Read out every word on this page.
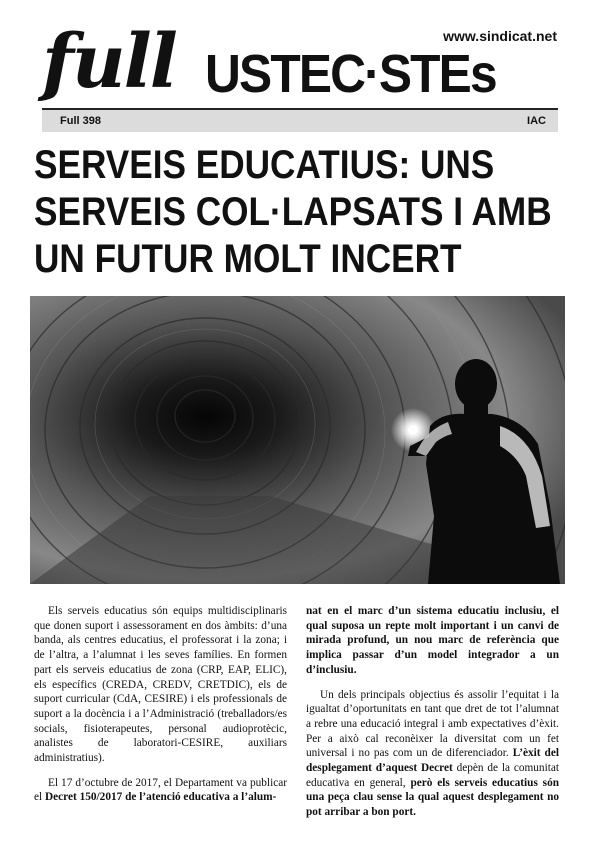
full USTEC·STEs
www.sindicat.net
Full 398	IAC
SERVEIS EDUCATIUS: UNS
SERVEIS COL·LAPSATS I AMB
UN FUTUR MOLT INCERT

Els serveis educatius són equips multidisciplinaris que donen suport i assessorament en dos àmbits: d’una banda, als centres educatius, el professorat i la zona; i de l’altra, a l’alumnat i les seves famílies. En formen part els serveis educatius de zona (CRP, EAP, ELIC), els específics (CREDA, CREDV, CRETDIC), els de suport curricular (CdA, CESIRE) i els professionals de suport a la docència i a l’Administració (treballadors/es socials, fisioterapeutes, personal audioprotècic, analistes de laboratori-CESIRE, auxiliars administratius).

El 17 d’octubre de 2017, el Departament va publicar el Decret 150/2017 de l’atenció educativa a l’alum-

nat en el marc d’un sistema educatiu inclusiu, el qual suposa un repte molt important i un canvi de mirada profund, un nou marc de referència que implica passar d’un model integrador a un d’inclusiu.

Un dels principals objectius és assolir l’equitat i la igualtat d’oportunitats en tant que dret de tot l’alumnat a rebre una educació integral i amb expectatives d’èxit. Per a això cal reconèixer la diversitat com un fet universal i no pas com un de diferenciador. L’èxit del desplegament d’aquest Decret depèn de la comunitat educativa en general, però els serveis educatius són una peça clau sense la qual aquest desplegament no pot arribar a bon port.
